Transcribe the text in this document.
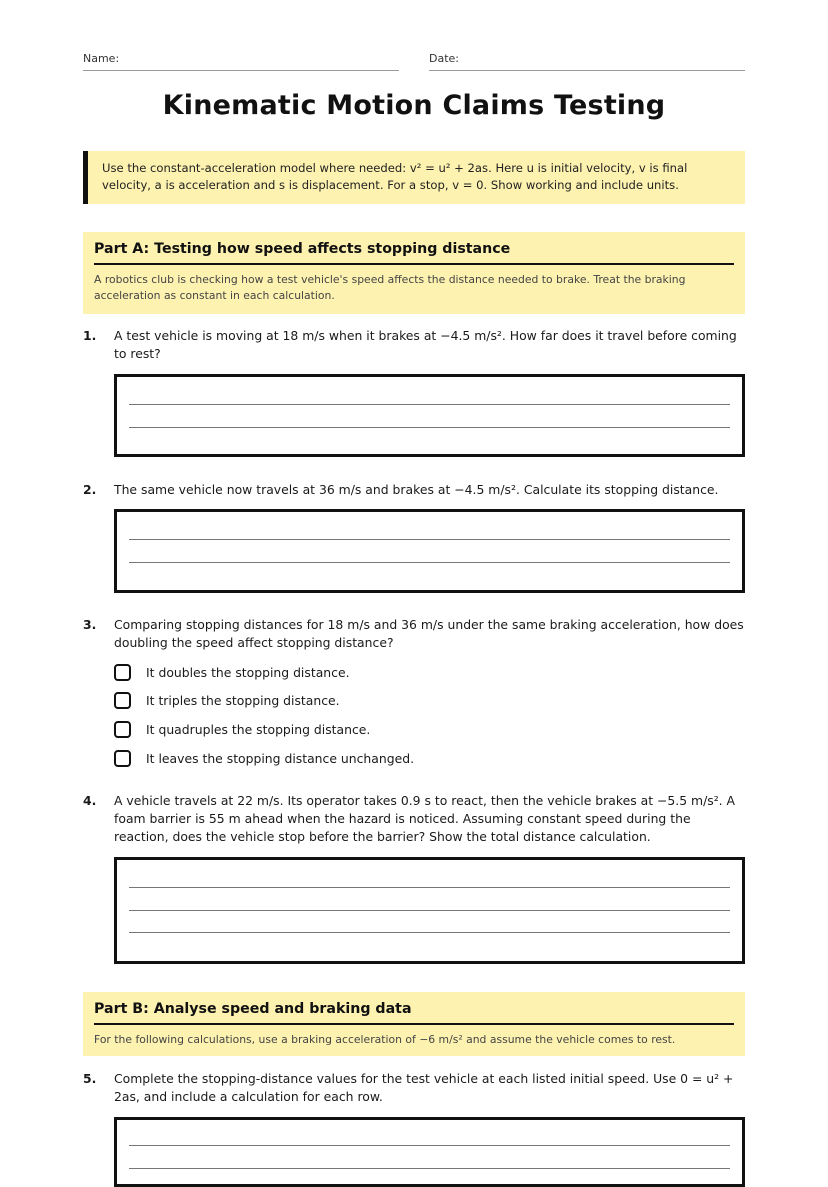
Name:	Date:
Kinematic Motion Claims Testing
Use the constant-acceleration model where needed: v² = u² + 2as. Here u is initial velocity, v is final velocity, a is acceleration and s is displacement. For a stop, v = 0. Show working and include units.
Part A: Testing how speed affects stopping distance
A robotics club is checking how a test vehicle's speed affects the distance needed to brake. Treat the braking acceleration as constant in each calculation.
1. A test vehicle is moving at 18 m/s when it brakes at −4.5 m/s². How far does it travel before coming to rest?
2. The same vehicle now travels at 36 m/s and brakes at −4.5 m/s². Calculate its stopping distance.
3. Comparing stopping distances for 18 m/s and 36 m/s under the same braking acceleration, how does doubling the speed affect stopping distance?
It doubles the stopping distance.
It triples the stopping distance.
It quadruples the stopping distance.
It leaves the stopping distance unchanged.
4. A vehicle travels at 22 m/s. Its operator takes 0.9 s to react, then the vehicle brakes at −5.5 m/s². A foam barrier is 55 m ahead when the hazard is noticed. Assuming constant speed during the reaction, does the vehicle stop before the barrier? Show the total distance calculation.
Part B: Analyse speed and braking data
For the following calculations, use a braking acceleration of −6 m/s² and assume the vehicle comes to rest.
5. Complete the stopping-distance values for the test vehicle at each listed initial speed. Use 0 = u² + 2as, and include a calculation for each row.
